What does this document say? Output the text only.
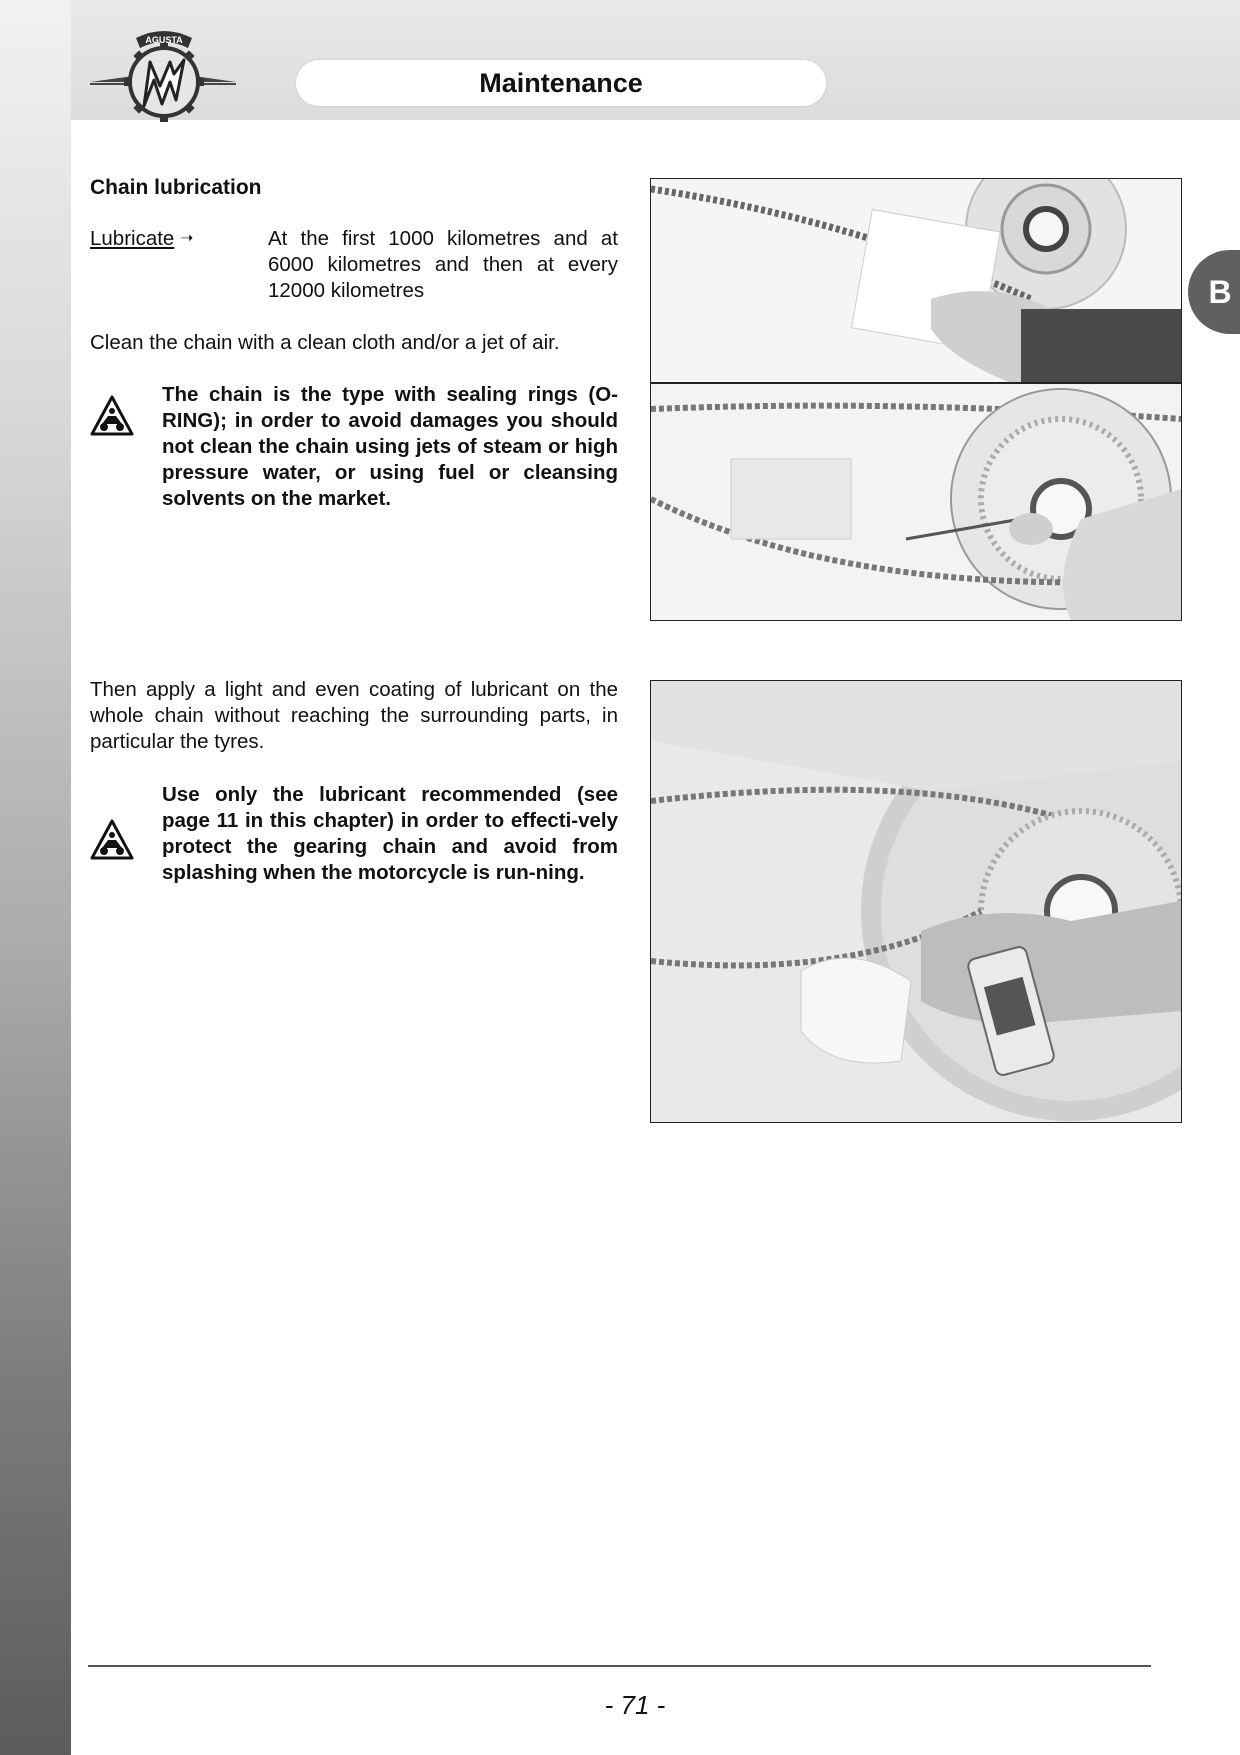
AGUSTA
Maintenance
B
Chain lubrication
Lubricate ➝	At the first 1000 kilometres and at 6000 kilometres and then at every 12000 kilometres
Clean the chain with a clean cloth and/or a jet of air.
The chain is the type with sealing rings (O-RING); in order to avoid damages you should not clean the chain using jets of steam or high pressure water, or using fuel or cleansing solvents on the market.
Then apply a light and even coating of lubricant on the whole chain without reaching the surrounding parts, in particular the tyres.
Use only the lubricant recommended (see page 11 in this chapter) in order to effecti-vely protect the gearing chain and avoid from splashing when the motorcycle is run-ning.
- 71 -
